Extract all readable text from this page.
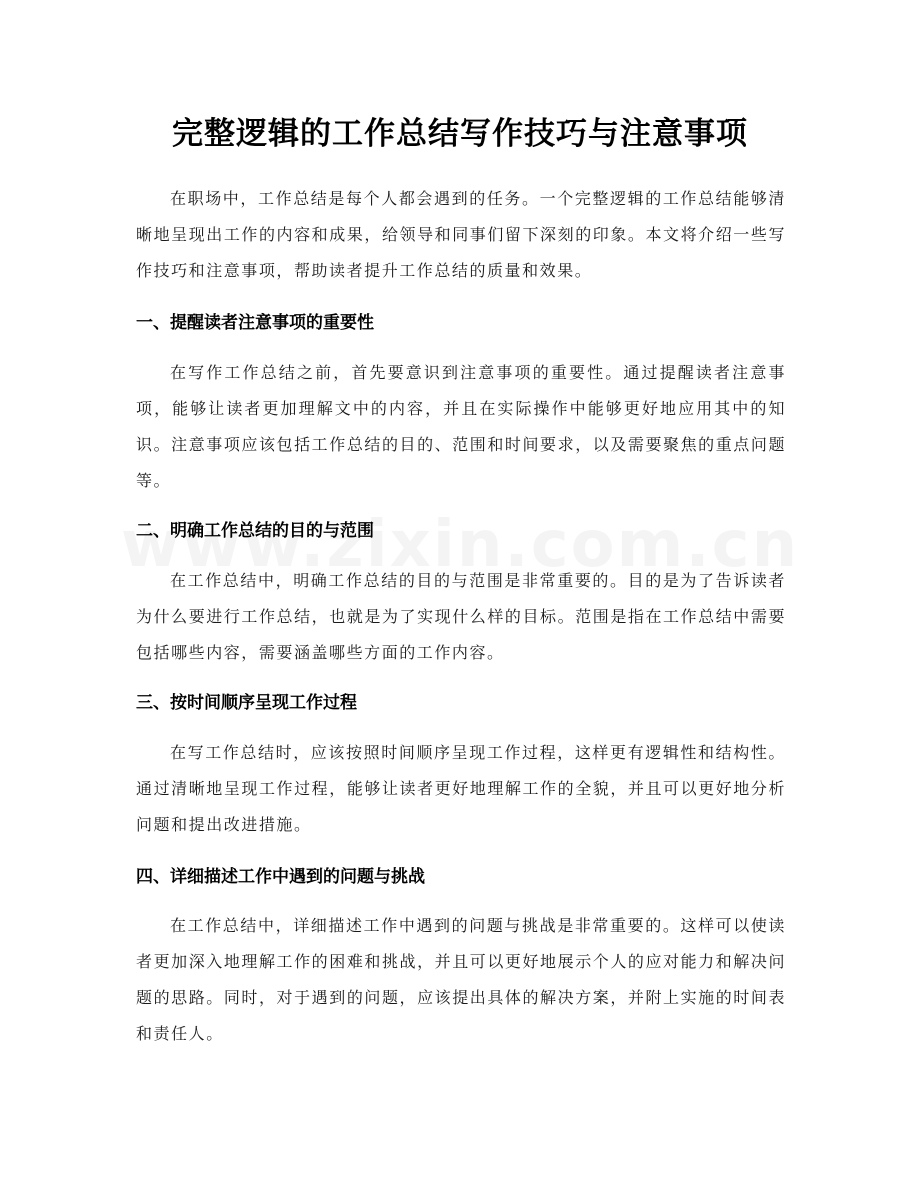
完整逻辑的工作总结写作技巧与注意事项

在职场中，工作总结是每个人都会遇到的任务。一个完整逻辑的工作总结能够清晰地呈现出工作的内容和成果，给领导和同事们留下深刻的印象。本文将介绍一些写作技巧和注意事项，帮助读者提升工作总结的质量和效果。

一、提醒读者注意事项的重要性

在写作工作总结之前，首先要意识到注意事项的重要性。通过提醒读者注意事项，能够让读者更加理解文中的内容，并且在实际操作中能够更好地应用其中的知识。注意事项应该包括工作总结的目的、范围和时间要求，以及需要聚焦的重点问题等。

二、明确工作总结的目的与范围

在工作总结中，明确工作总结的目的与范围是非常重要的。目的是为了告诉读者为什么要进行工作总结，也就是为了实现什么样的目标。范围是指在工作总结中需要包括哪些内容，需要涵盖哪些方面的工作内容。

三、按时间顺序呈现工作过程

在写工作总结时，应该按照时间顺序呈现工作过程，这样更有逻辑性和结构性。通过清晰地呈现工作过程，能够让读者更好地理解工作的全貌，并且可以更好地分析问题和提出改进措施。

四、详细描述工作中遇到的问题与挑战

在工作总结中，详细描述工作中遇到的问题与挑战是非常重要的。这样可以使读者更加深入地理解工作的困难和挑战，并且可以更好地展示个人的应对能力和解决问题的思路。同时，对于遇到的问题，应该提出具体的解决方案，并附上实施的时间表和责任人。
